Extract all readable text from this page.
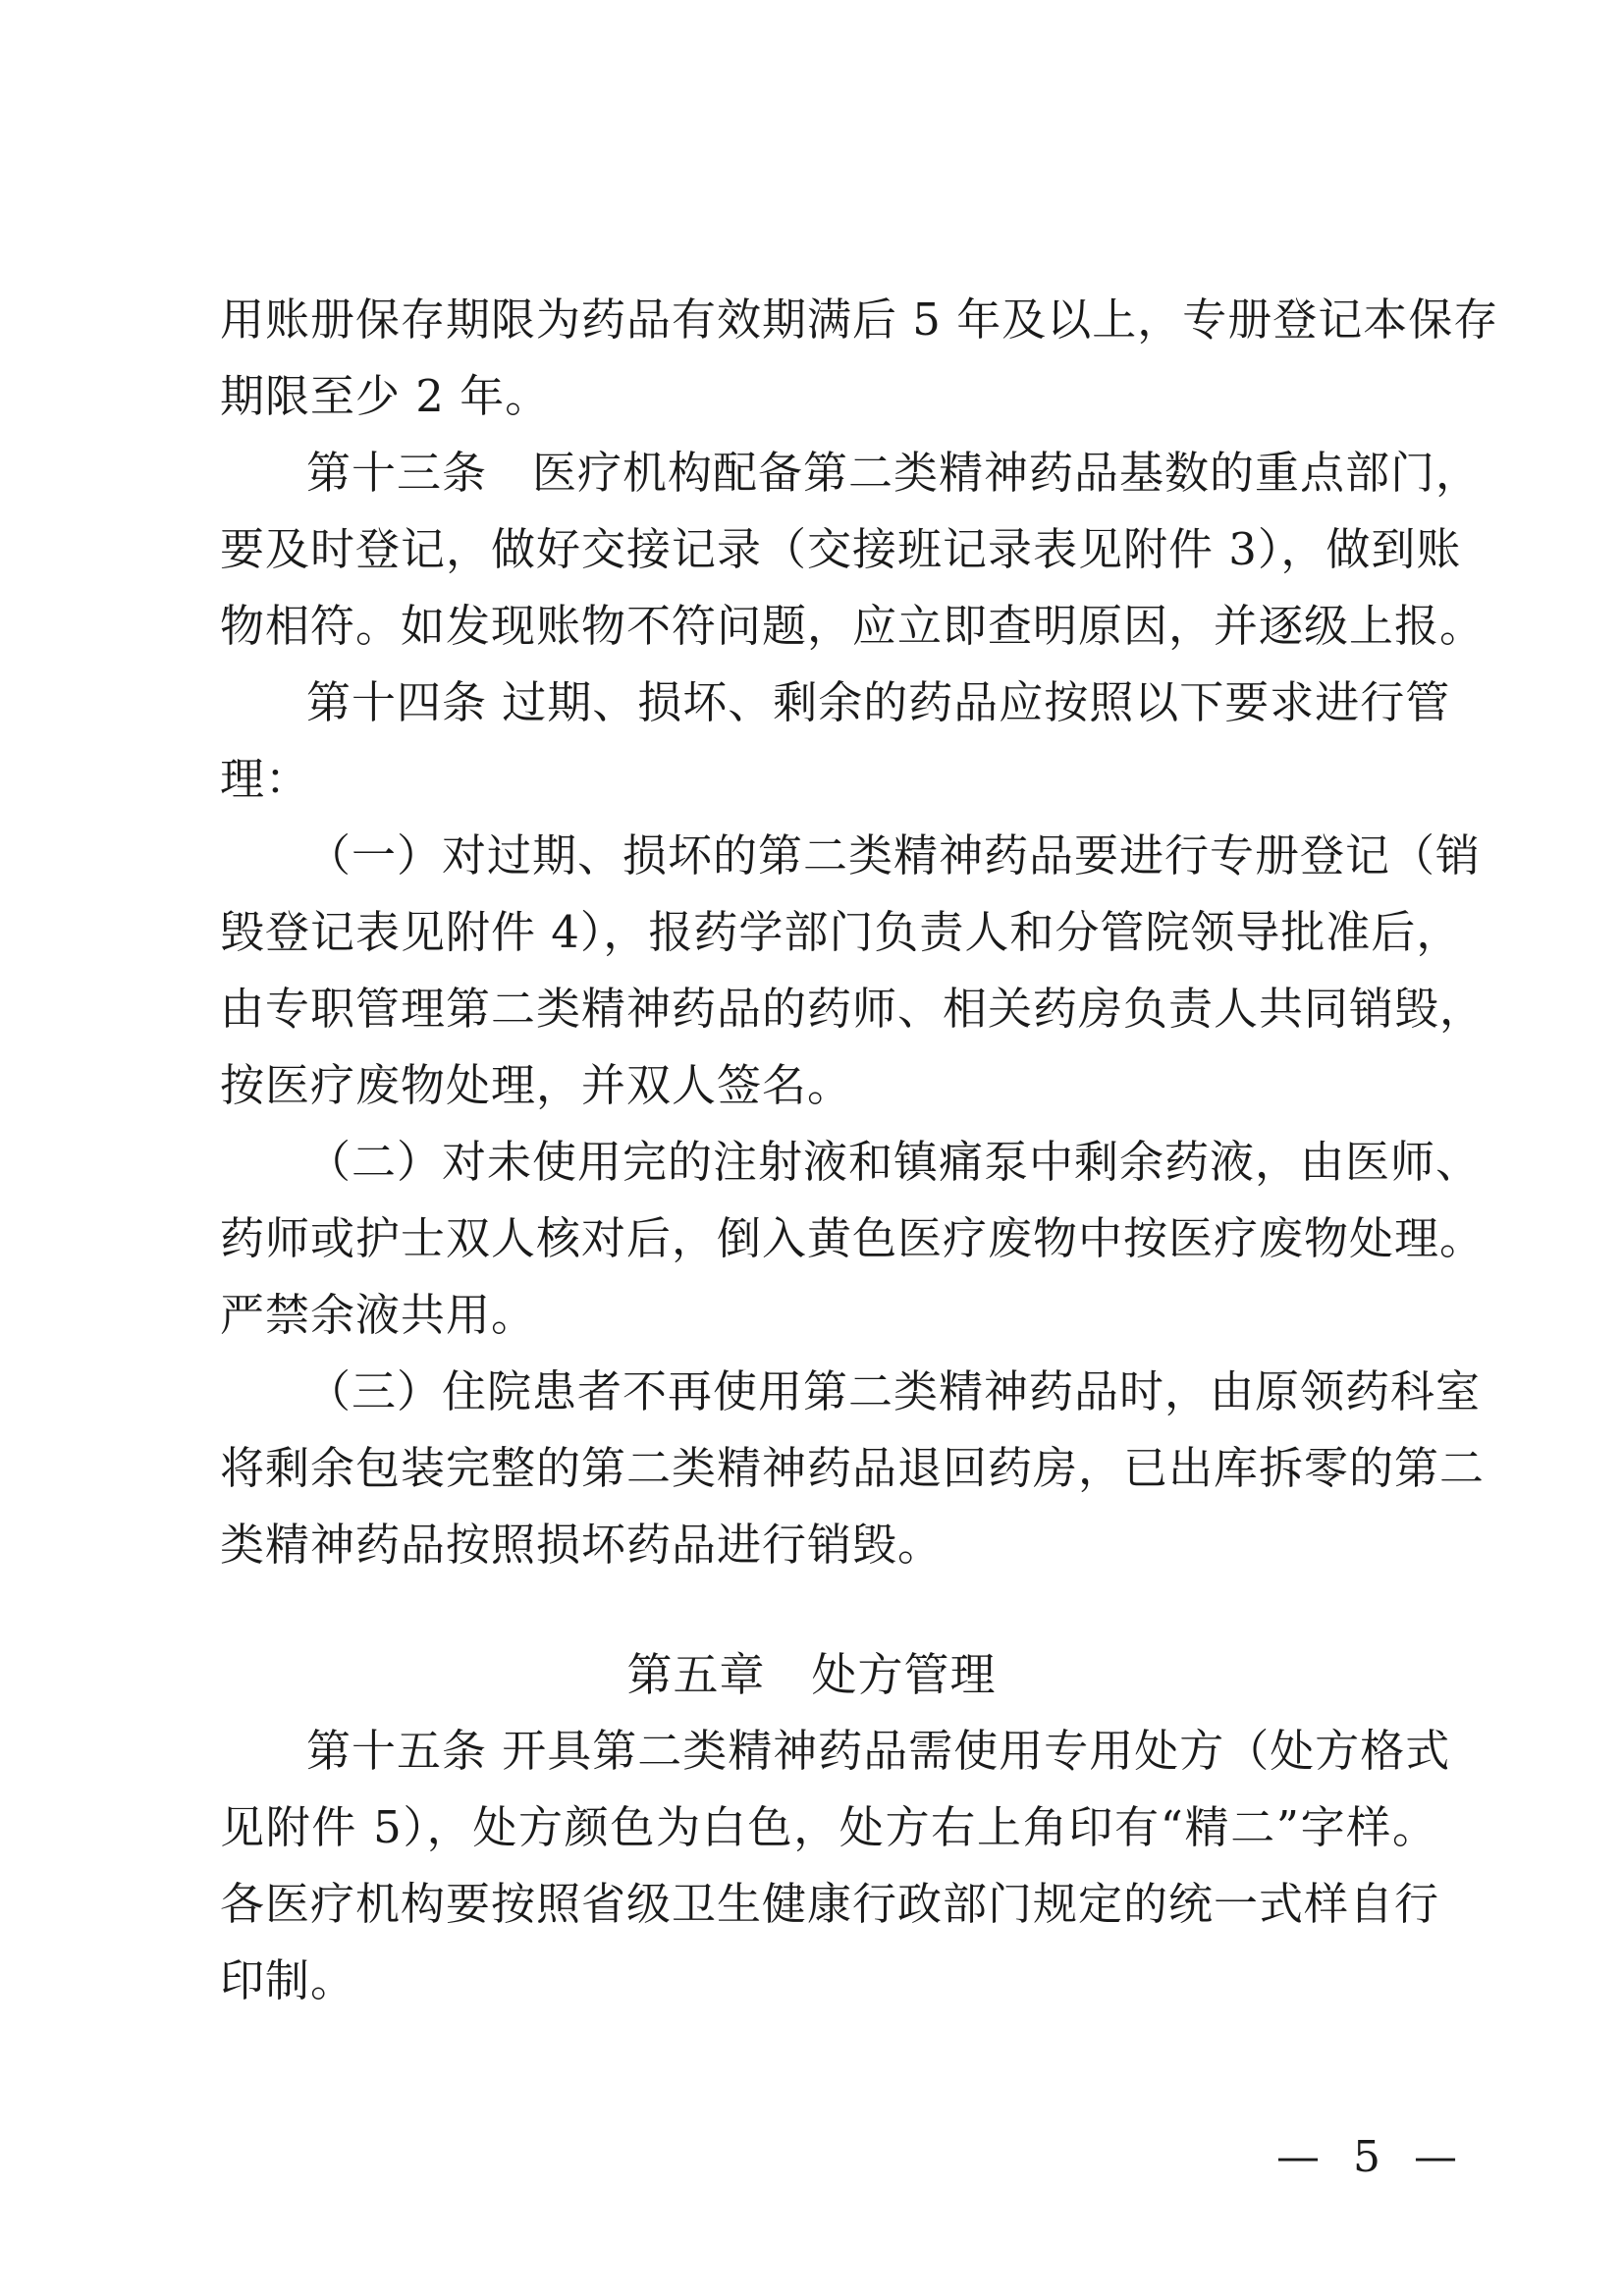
用账册保存期限为药品有效期满后 5 年及以上，专册登记本保存
期限至少 2 年。
第十三条　医疗机构配备第二类精神药品基数的重点部门，
要及时登记，做好交接记录（交接班记录表见附件 3），做到账
物相符。如发现账物不符问题，应立即查明原因，并逐级上报。
第十四条 过期、损坏、剩余的药品应按照以下要求进行管
理：
（一）对过期、损坏的第二类精神药品要进行专册登记（销
毁登记表见附件 4），报药学部门负责人和分管院领导批准后，
由专职管理第二类精神药品的药师、相关药房负责人共同销毁，
按医疗废物处理，并双人签名。
（二）对未使用完的注射液和镇痛泵中剩余药液，由医师、
药师或护士双人核对后，倒入黄色医疗废物中按医疗废物处理。
严禁余液共用。
（三）住院患者不再使用第二类精神药品时，由原领药科室
将剩余包装完整的第二类精神药品退回药房，已出库拆零的第二
类精神药品按照损坏药品进行销毁。
第五章　处方管理
第十五条 开具第二类精神药品需使用专用处方（处方格式
见附件 5），处方颜色为白色，处方右上角印有“精二”字样。
各医疗机构要按照省级卫生健康行政部门规定的统一式样自行
印制。
— 5 —
